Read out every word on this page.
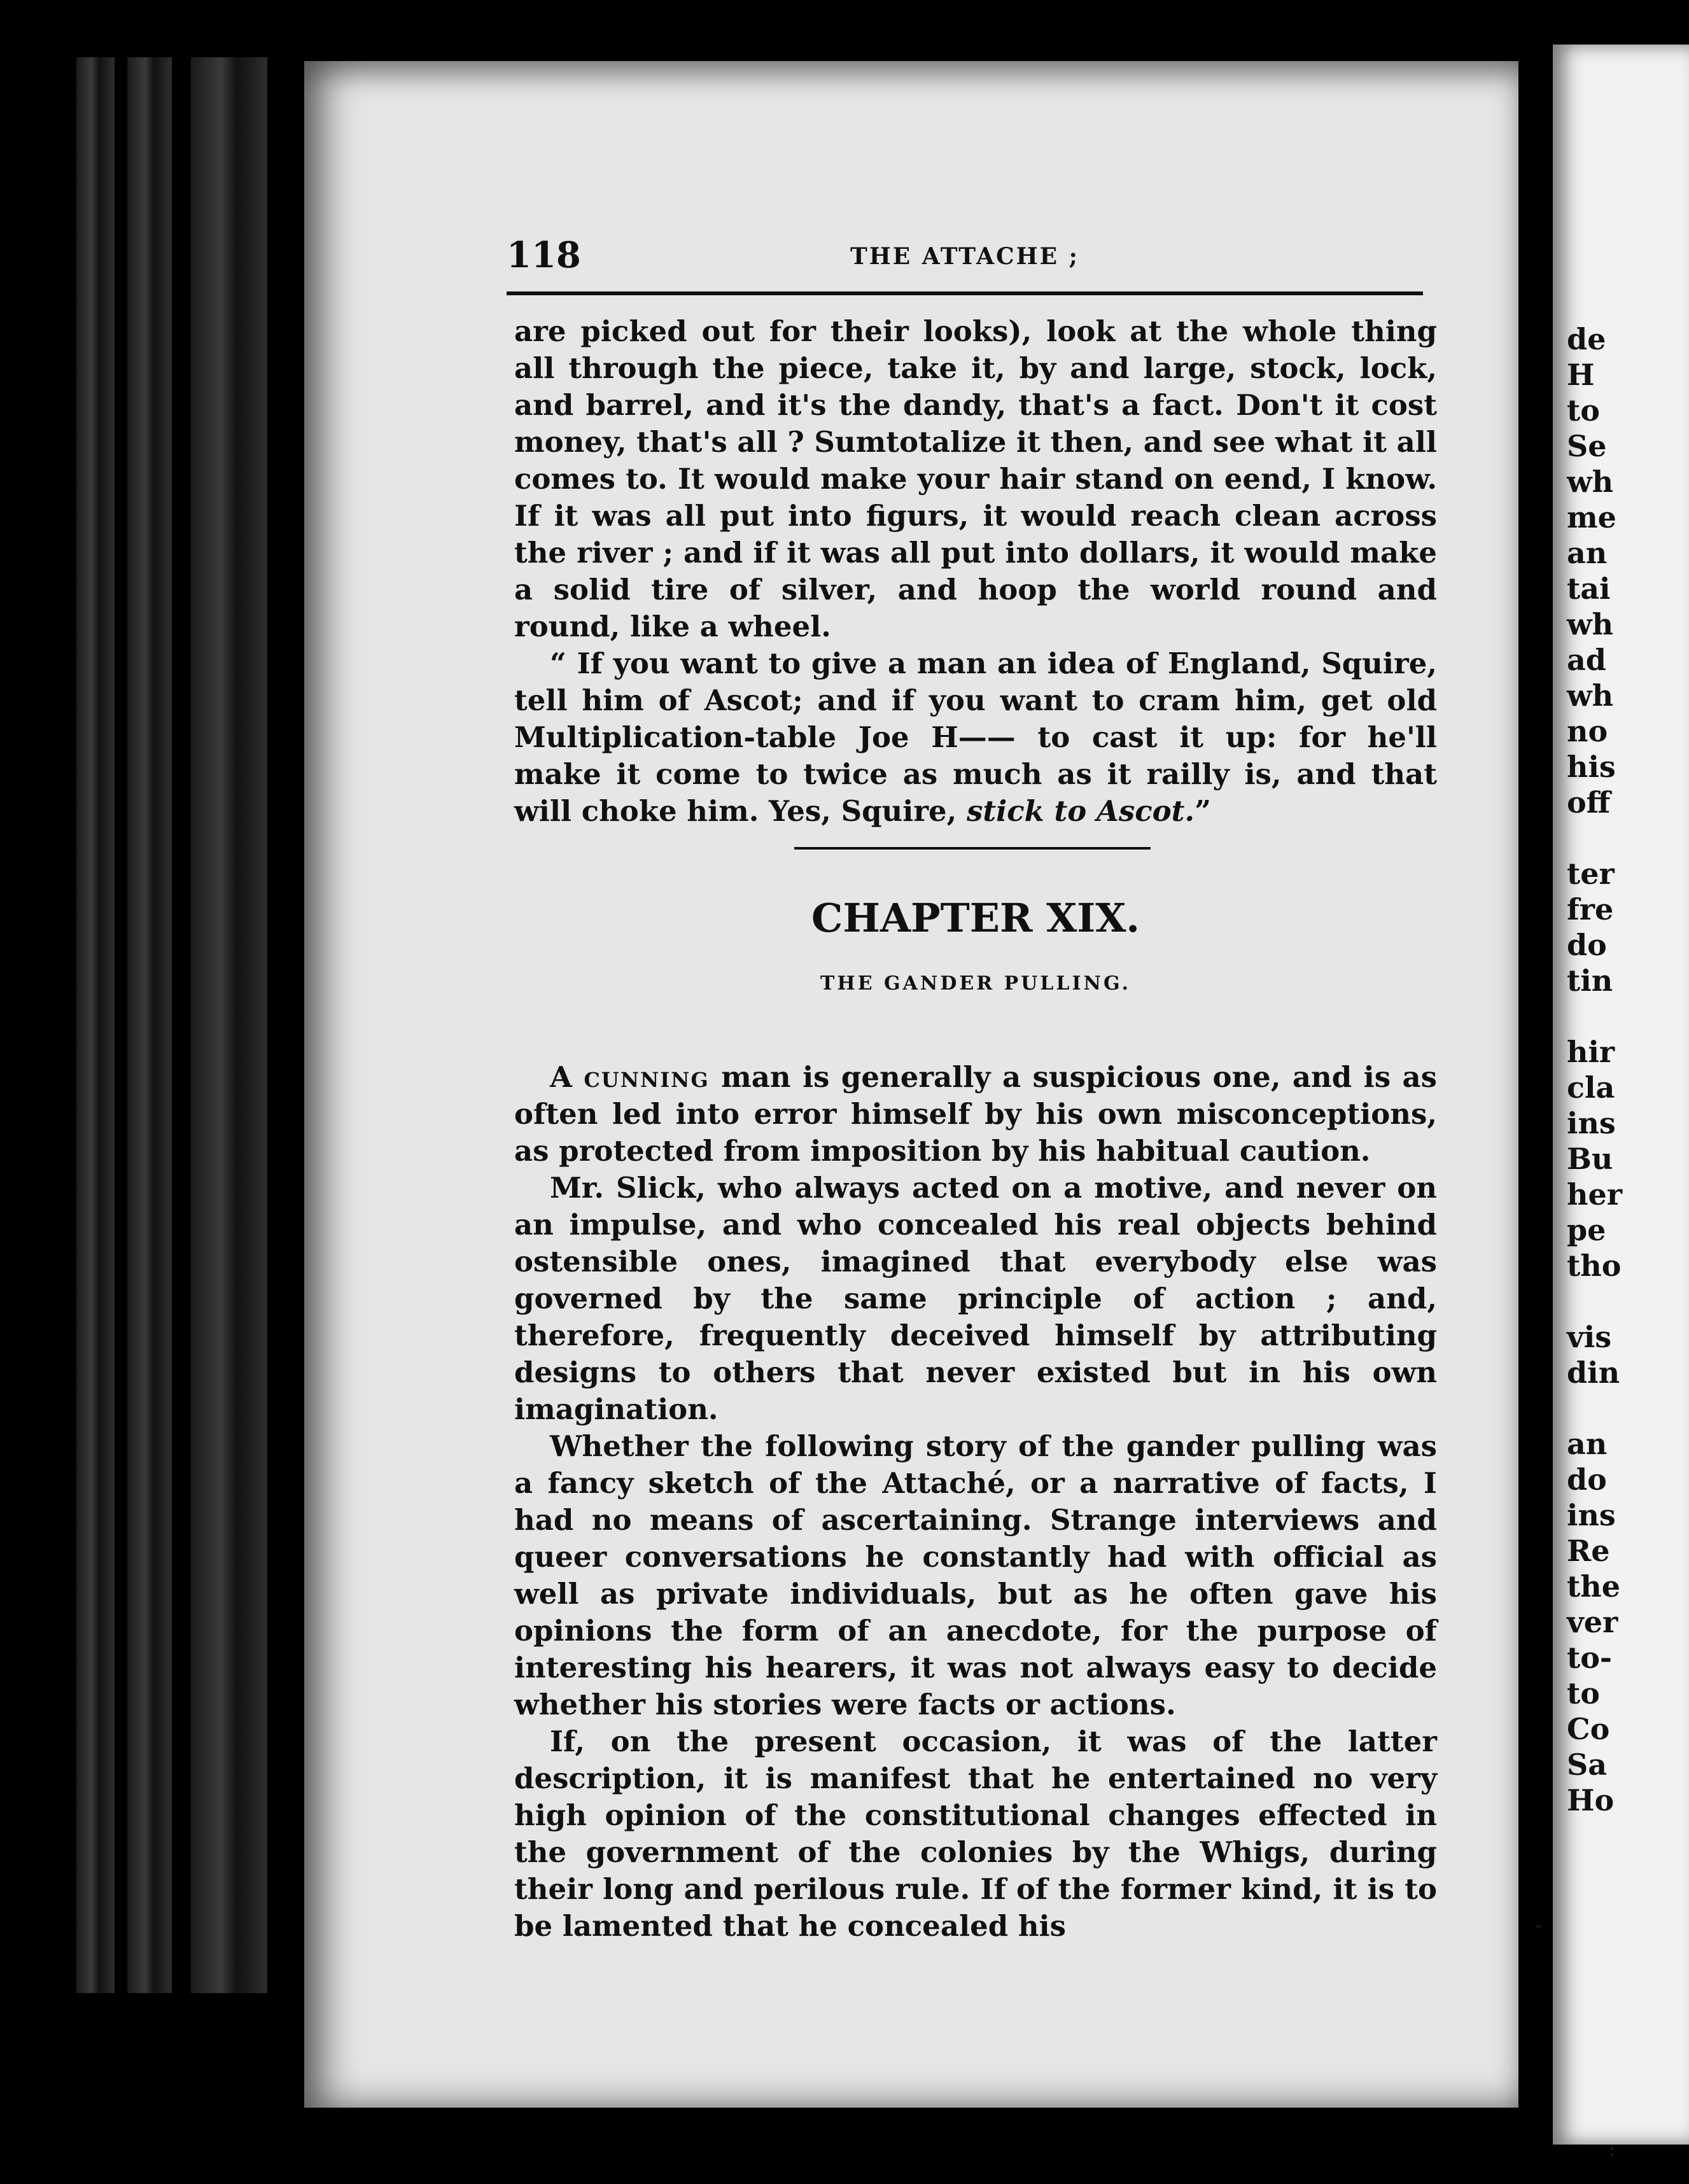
118	THE ATTACHE ;

are picked out for their looks), look at the whole thing all through the piece, take it, by and large, stock, lock, and barrel, and it's the dandy, that's a fact. Don't it cost money, that's all ? Sumtotalize it then, and see what it all comes to. It would make your hair stand on eend, I know. If it was all put into figurs, it would reach clean across the river ; and if it was all put into dollars, it would make a solid tire of silver, and hoop the world round and round, like a wheel.

“ If you want to give a man an idea of England, Squire, tell him of Ascot; and if you want to cram him, get old Multiplication-table Joe H—— to cast it up: for he'll make it come to twice as much as it railly is, and that will choke him. Yes, Squire, stick to Ascot.”

CHAPTER XIX.
THE GANDER PULLING.

A cunning man is generally a suspicious one, and is as often led into error himself by his own misconceptions, as protected from imposition by his habitual caution.

Mr. Slick, who always acted on a motive, and never on an impulse, and who concealed his real objects behind ostensible ones, imagined that everybody else was governed by the same principle of action ; and, therefore, frequently deceived himself by attributing designs to others that never existed but in his own imagination.

Whether the following story of the gander pulling was a fancy sketch of the Attaché, or a narrative of facts, I had no means of ascertaining. Strange interviews and queer conversations he constantly had with official as well as private individuals, but as he often gave his opinions the form of an anecdote, for the purpose of interesting his hearers, it was not always easy to decide whether his stories were facts or actions.

If, on the present occasion, it was of the latter description, it is manifest that he entertained no very high opinion of the constitutional changes effected in the government of the colonies by the Whigs, during their long and perilous rule. If of the former kind, it is to be lamented that he concealed his

de
H
to
Se
wh
me
an
tai
wh
ad
wh
no
his
off
ter
fre
do
tin
hir
cla
ins
Bu
her
pe
tho
vis
din
an
do
ins
Re
the
ver
to-
to
Co
Sa
Ho
″
:
